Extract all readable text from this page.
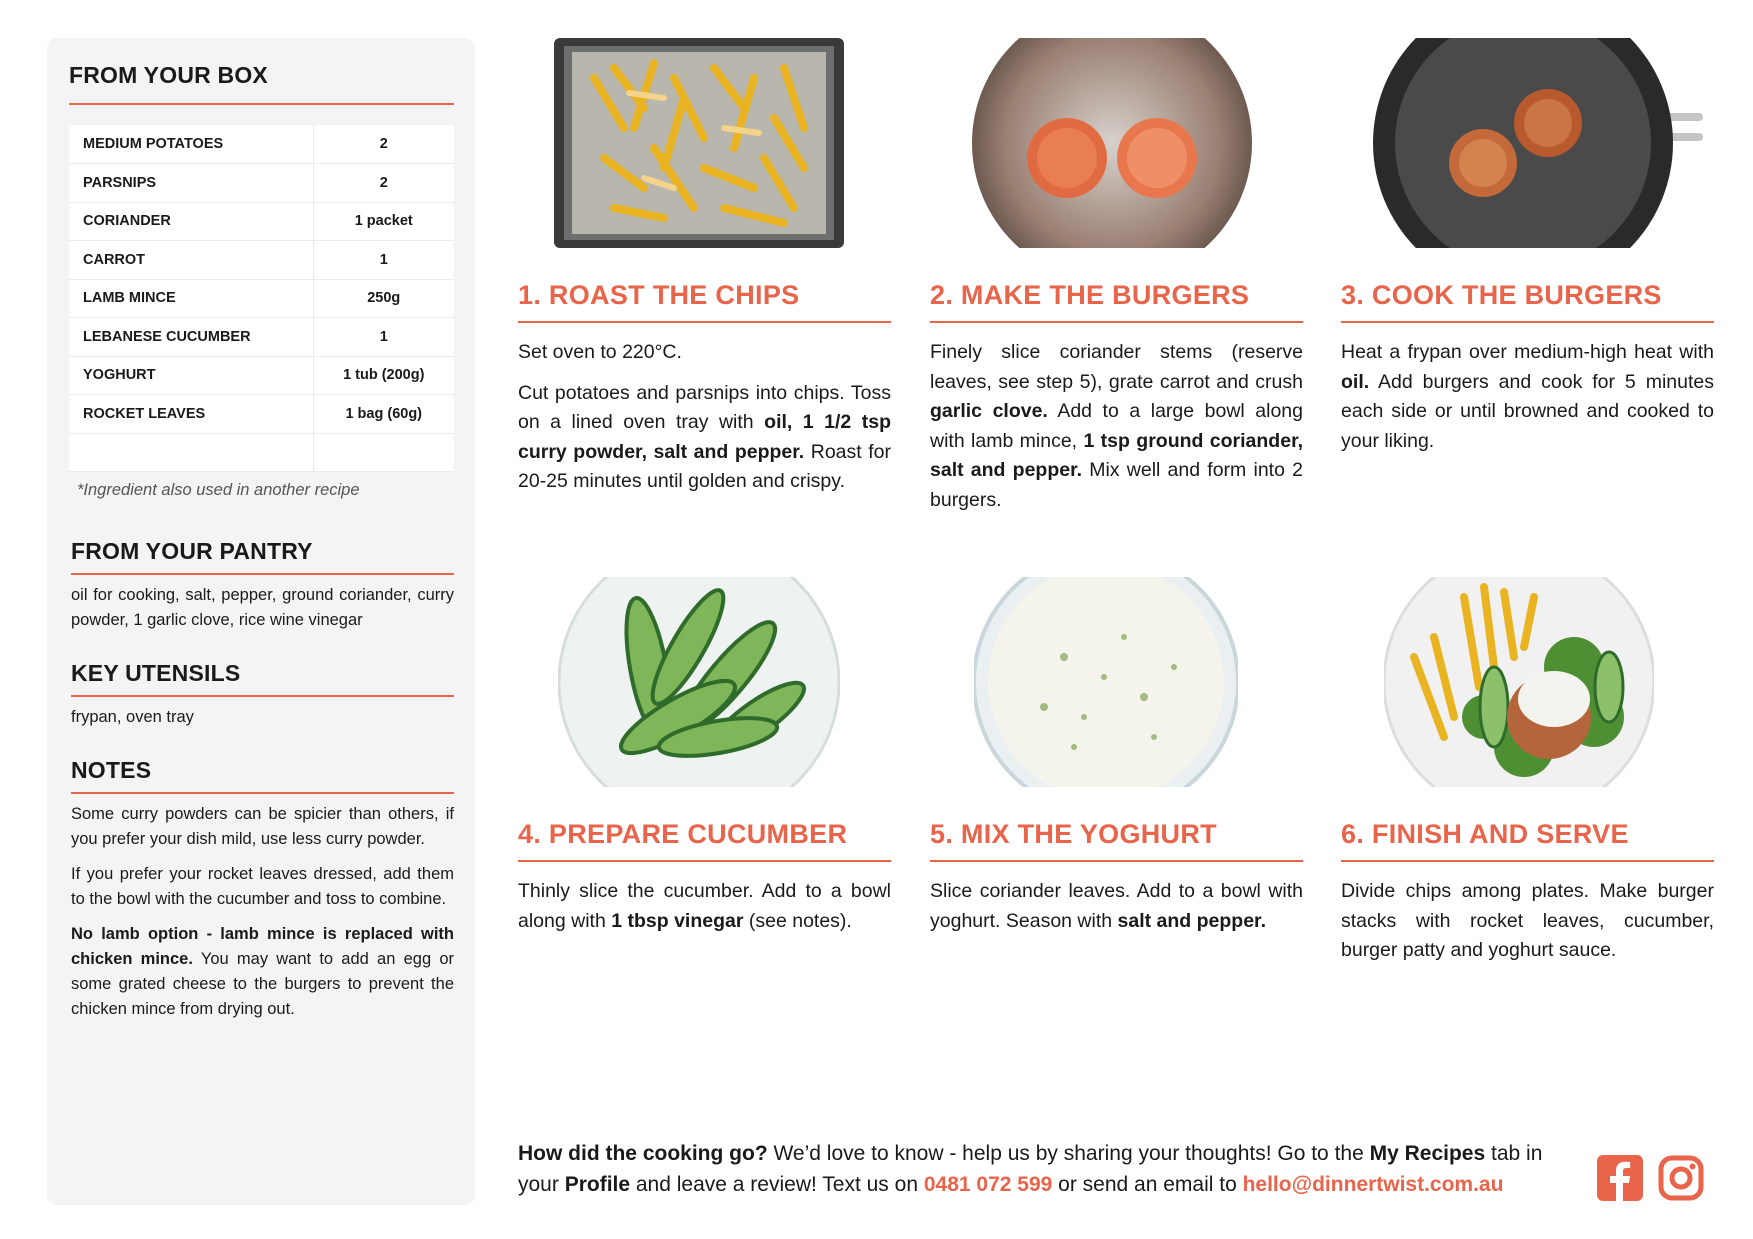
FROM YOUR BOX
MEDIUM POTATOES	2
PARSNIPS	2
CORIANDER	1 packet
CARROT	1
LAMB MINCE	250g
LEBANESE CUCUMBER	1
YOGHURT	1 tub (200g)
ROCKET LEAVES	1 bag (60g)

*Ingredient also used in another recipe
FROM YOUR PANTRY
oil for cooking, salt, pepper, ground coriander, curry powder, 1 garlic clove, rice wine vinegar
KEY UTENSILS
frypan, oven tray
NOTES

Some curry powders can be spicier than others, if you prefer your dish mild, use less curry powder.

If you prefer your rocket leaves dressed, add them to the bowl with the cucumber and toss to combine.

No lamb option - lamb mince is replaced with chicken mince. You may want to add an egg or some grated cheese to the burgers to prevent the chicken mince from drying out.

1. ROAST THE CHIPS

Set oven to 220°C.

Cut potatoes and parsnips into chips. Toss on a lined oven tray with oil, 1 1/2 tsp curry powder, salt and pepper. Roast for 20-25 minutes until golden and crispy.

2. MAKE THE BURGERS

Finely slice coriander stems (reserve leaves, see step 5), grate carrot and crush garlic clove. Add to a large bowl along with lamb mince, 1 tsp ground coriander, salt and pepper. Mix well and form into 2 burgers.

3. COOK THE BURGERS

Heat a frypan over medium-high heat with oil. Add burgers and cook for 5 minutes each side or until browned and cooked to your liking.

4. PREPARE CUCUMBER

Thinly slice the cucumber. Add to a bowl along with 1 tbsp vinegar (see notes).

5. MIX THE YOGHURT

Slice coriander leaves. Add to a bowl with yoghurt. Season with salt and pepper.

6. FINISH AND SERVE

Divide chips among plates. Make burger stacks with rocket leaves, cucumber, burger patty and yoghurt sauce.

How did the cooking go? We’d love to know - help us by sharing your thoughts! Go to the My Recipes tab in your Profile and leave a review! Text us on 0481 072 599 or send an email to hello@dinnertwist.com.au
